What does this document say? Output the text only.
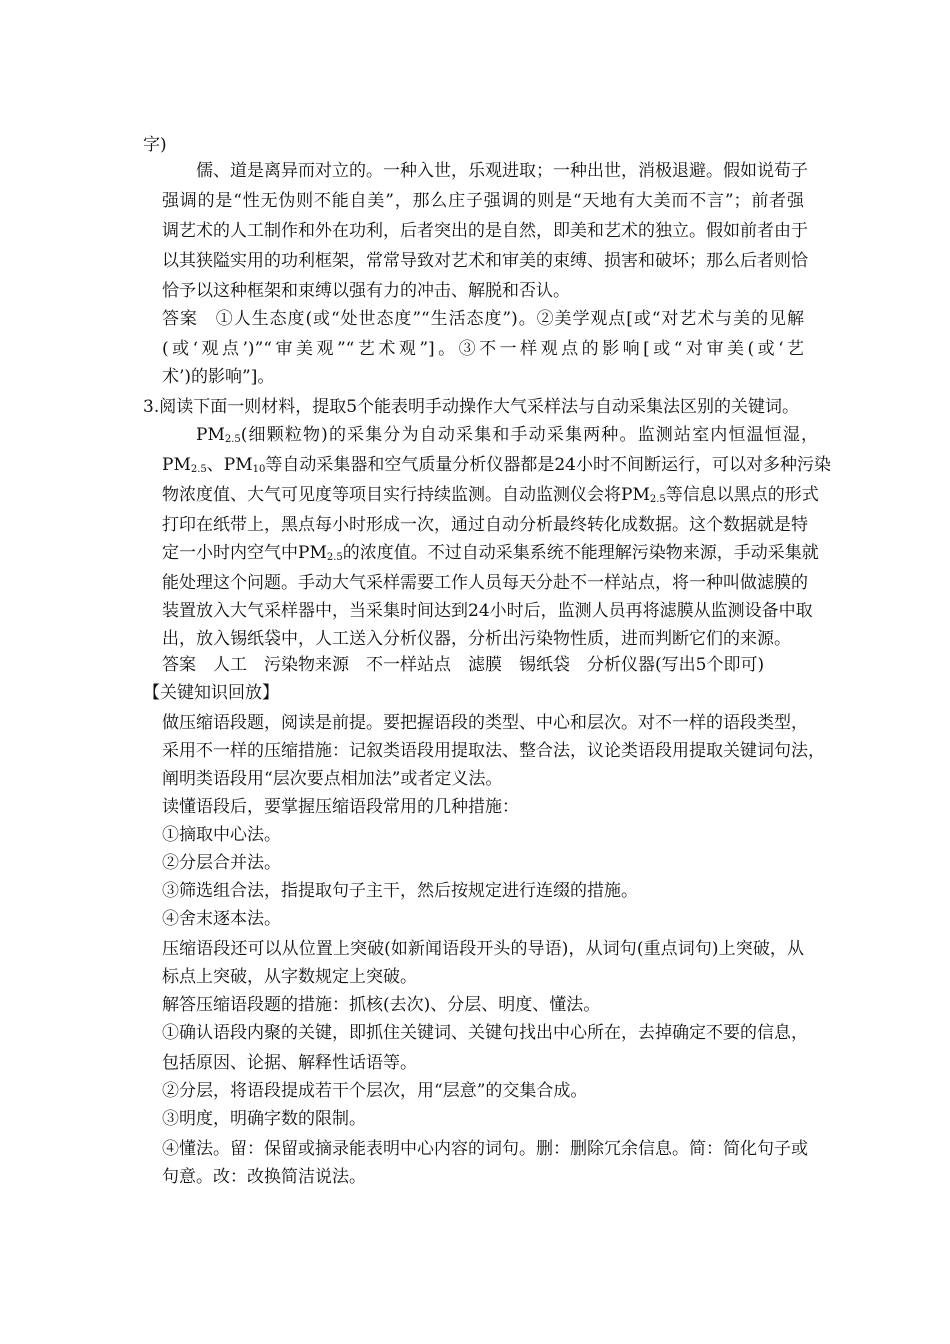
字)
儒、道是离异而对立的。一种入世，乐观进取；一种出世，消极退避。假如说荀子
强调的是“性无伪则不能自美”，那么庄子强调的则是“天地有大美而不言”；前者强
调艺术的人工制作和外在功利，后者突出的是自然，即美和艺术的独立。假如前者由于
以其狭隘实用的功利框架，常常导致对艺术和审美的束缚、损害和破坏；那么后者则恰
恰予以这种框架和束缚以强有力的冲击、解脱和否认。
答案　①人生态度(或“处世态度”“生活态度”)。②美学观点[或“对艺术与美的见解
(或‘观点’)”“审美观”“艺术观”]。③不一样观点的影响[或“对审美(或‘艺
术’)的影响”]。
3.阅读下面一则材料，提取5个能表明手动操作大气采样法与自动采集法区别的关键词。
$PM_{2.5}$(细颗粒物)的采集分为自动采集和手动采集两种。监测站室内恒温恒湿，
$PM_{2.5}$、$PM_{10}$等自动采集器和空气质量分析仪器都是24小时不间断运行，可以对多种污染
物浓度值、大气可见度等项目实行持续监测。自动监测仪会将$PM_{2.5}$等信息以黑点的形式
打印在纸带上，黑点每小时形成一次，通过自动分析最终转化成数据。这个数据就是特
定一小时内空气中$PM_{2.5}$的浓度值。不过自动采集系统不能理解污染物来源，手动采集就
能处理这个问题。手动大气采样需要工作人员每天分赴不一样站点，将一种叫做滤膜的
装置放入大气采样器中，当采集时间达到24小时后，监测人员再将滤膜从监测设备中取
出，放入锡纸袋中，人工送入分析仪器，分析出污染物性质，进而判断它们的来源。
答案　人工　污染物来源　不一样站点　滤膜　锡纸袋　分析仪器(写出5个即可)
【关键知识回放】
做压缩语段题，阅读是前提。要把握语段的类型、中心和层次。对不一样的语段类型，
采用不一样的压缩措施：记叙类语段用提取法、整合法，议论类语段用提取关键词句法，
阐明类语段用“层次要点相加法”或者定义法。
读懂语段后，要掌握压缩语段常用的几种措施：
①摘取中心法。
②分层合并法。
③筛选组合法，指提取句子主干，然后按规定进行连缀的措施。
④舍末逐本法。
压缩语段还可以从位置上突破(如新闻语段开头的导语)，从词句(重点词句)上突破，从
标点上突破，从字数规定上突破。
解答压缩语段题的措施：抓核(去次)、分层、明度、懂法。
①确认语段内聚的关键，即抓住关键词、关键句找出中心所在，去掉确定不要的信息，
包括原因、论据、解释性话语等。
②分层，将语段提成若干个层次，用“层意”的交集合成。
③明度，明确字数的限制。
④懂法。留：保留或摘录能表明中心内容的词句。删：删除冗余信息。简：简化句子或
句意。改：改换简洁说法。
